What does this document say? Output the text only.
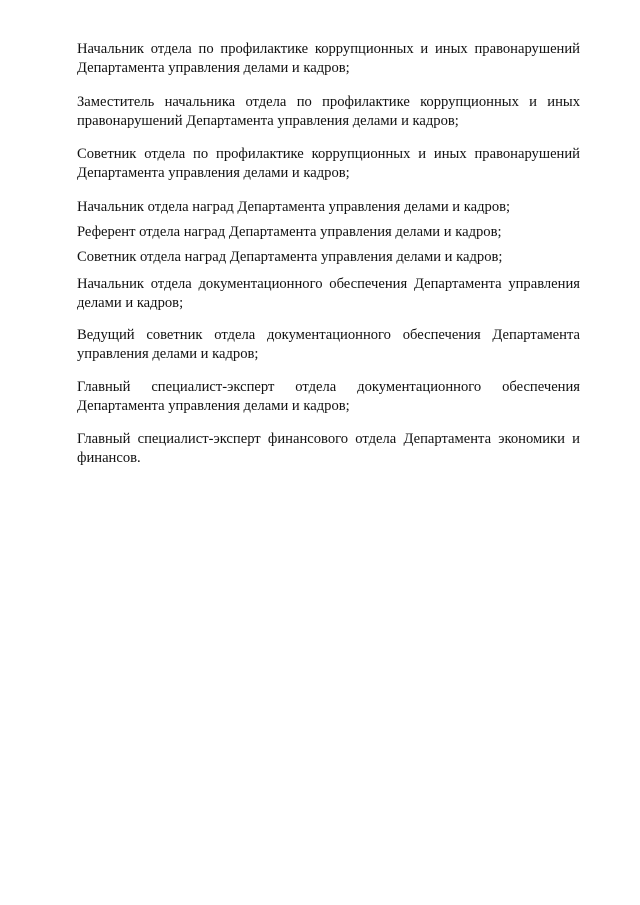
Начальник отдела по профилактике коррупционных и иных правонарушений Департамента управления делами и кадров;

Заместитель начальника отдела по профилактике коррупционных и иных правонарушений Департамента управления делами и кадров;

Советник отдела по профилактике коррупционных и иных правонарушений Департамента управления делами и кадров;

Начальник отдела наград Департамента управления делами и кадров;

Референт отдела наград Департамента управления делами и кадров;

Советник отдела наград Департамента управления делами и кадров;

Начальник отдела документационного обеспечения Департамента управления делами и кадров;

Ведущий советник отдела документационного обеспечения Департамента управления делами и кадров;

Главный специалист-эксперт отдела документационного обеспечения Департамента управления делами и кадров;

Главный специалист-эксперт финансового отдела Департамента экономики и финансов.
